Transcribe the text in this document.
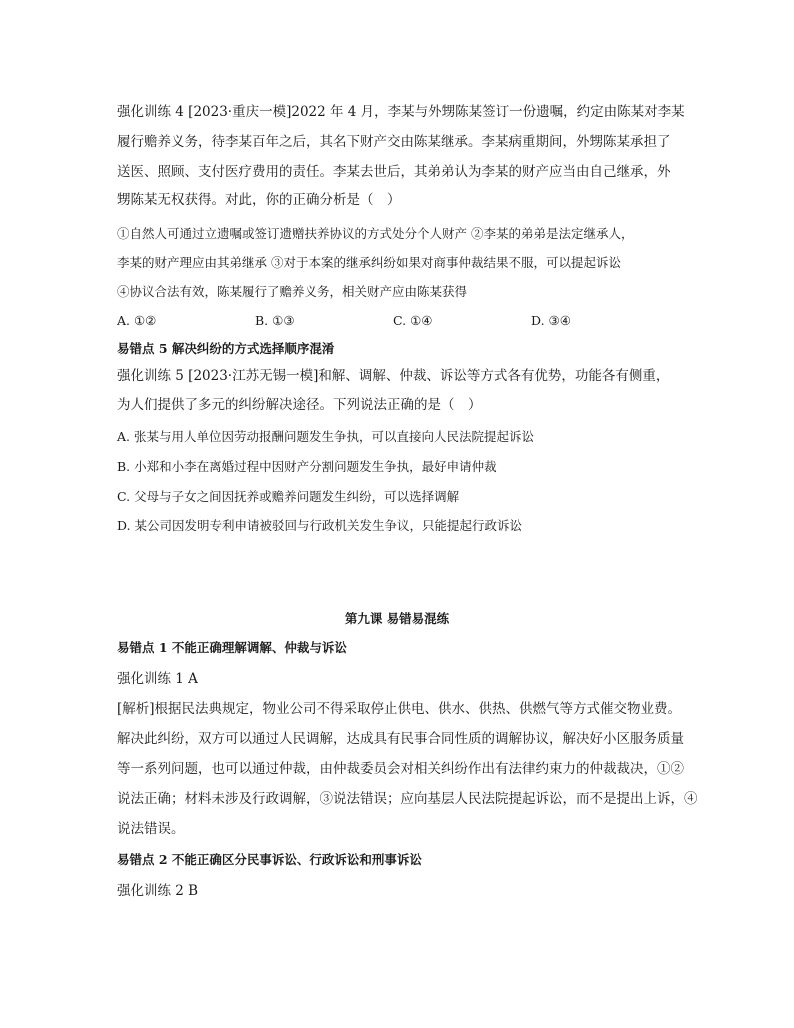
强化训练 4 [2023·重庆一模]2022 年 4 月，李某与外甥陈某签订一份遗嘱，约定由陈某对李某
履行赡养义务，待李某百年之后，其名下财产交由陈某继承。李某病重期间，外甥陈某承担了
送医、照顾、支付医疗费用的责任。李某去世后，其弟弟认为李某的财产应当由自己继承，外
甥陈某无权获得。对此，你的正确分析是（　）
①自然人可通过立遗嘱或签订遗赠扶养协议的方式处分个人财产 ②李某的弟弟是法定继承人，
李某的财产理应由其弟继承 ③对于本案的继承纠纷如果对商事仲裁结果不服，可以提起诉讼
④协议合法有效，陈某履行了赡养义务，相关财产应由陈某获得
A. ①②	B. ①③	C. ①④	D. ③④
易错点 5 解决纠纷的方式选择顺序混淆
强化训练 5 [2023·江苏无锡一模]和解、调解、仲裁、诉讼等方式各有优势，功能各有侧重，
为人们提供了多元的纠纷解决途径。下列说法正确的是（　）
A. 张某与用人单位因劳动报酬问题发生争执，可以直接向人民法院提起诉讼
B. 小郑和小李在离婚过程中因财产分割问题发生争执，最好申请仲裁
C. 父母与子女之间因抚养或赡养问题发生纠纷，可以选择调解
D. 某公司因发明专利申请被驳回与行政机关发生争议，只能提起行政诉讼
第九课 易错易混练
易错点 1 不能正确理解调解、仲裁与诉讼
强化训练 1 A
[解析]根据民法典规定，物业公司不得采取停止供电、供水、供热、供燃气等方式催交物业费。
解决此纠纷，双方可以通过人民调解，达成具有民事合同性质的调解协议，解决好小区服务质量
等一系列问题，也可以通过仲裁，由仲裁委员会对相关纠纷作出有法律约束力的仲裁裁决，①②
说法正确；材料未涉及行政调解，③说法错误；应向基层人民法院提起诉讼，而不是提出上诉，④
说法错误。
易错点 2 不能正确区分民事诉讼、行政诉讼和刑事诉讼
强化训练 2 B
